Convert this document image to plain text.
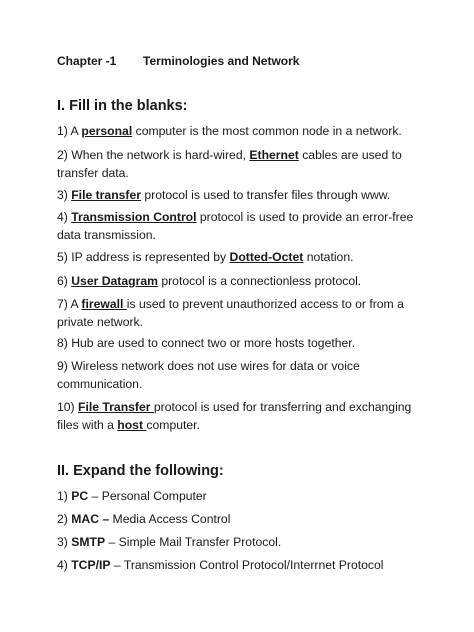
Chapter -1 Terminologies and Network
I. Fill in the blanks:
1) A personal computer is the most common node in a network.
2) When the network is hard-wired, Ethernet cables are used to transfer data.
3) File transfer protocol is used to transfer files through www.
4) Transmission Control protocol is used to provide an error-free data transmission.
5) IP address is represented by Dotted-Octet notation.
6) User Datagram protocol is a connectionless protocol.
7) A firewall is used to prevent unauthorized access to or from a private network.
8) Hub are used to connect two or more hosts together.
9) Wireless network does not use wires for data or voice communication.
10) File Transfer protocol is used for transferring and exchanging files with a host computer.
II. Expand the following:
1) PC – Personal Computer
2) MAC – Media Access Control
3) SMTP – Simple Mail Transfer Protocol.
4) TCP/IP – Transmission Control Protocol/Interrnet Protocol
